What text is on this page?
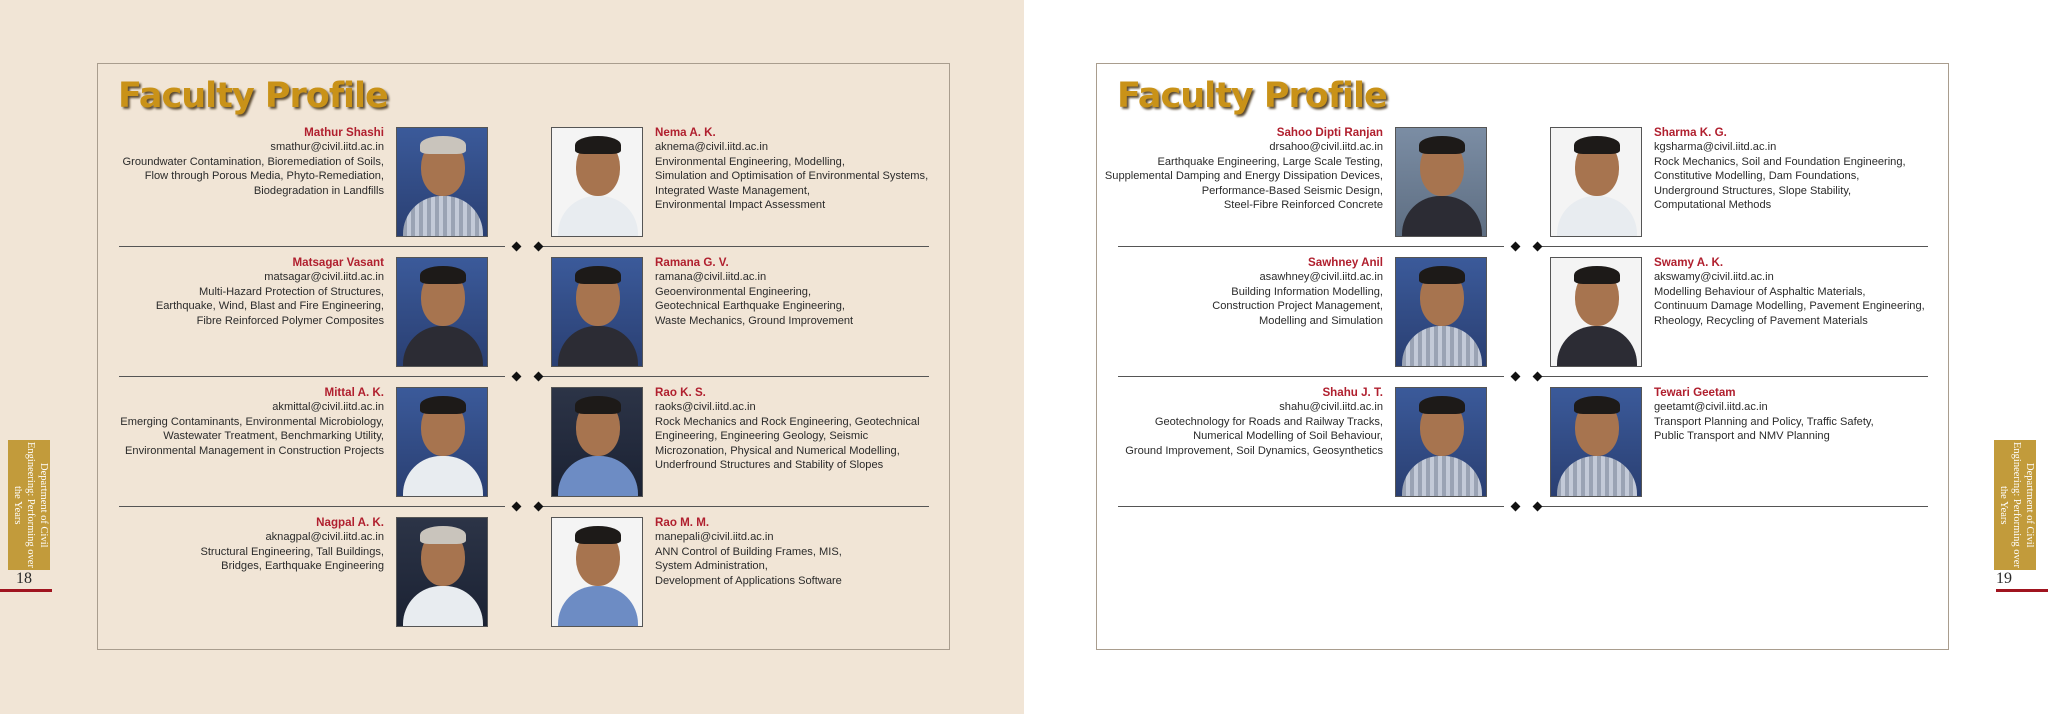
Faculty Profile
Mathur Shashi
smathur@civil.iitd.ac.in
Groundwater Contamination, Bioremediation of Soils,
Flow through Porous Media, Phyto-Remediation,
Biodegradation in Landfills
Nema A. K.
aknema@civil.iitd.ac.in
Environmental Engineering, Modelling,
Simulation and Optimisation of Environmental Systems,
Integrated Waste Management,
Environmental Impact Assessment
Matsagar Vasant
matsagar@civil.iitd.ac.in
Multi-Hazard Protection of Structures,
Earthquake, Wind, Blast and Fire Engineering,
Fibre Reinforced Polymer Composites
Ramana G. V.
ramana@civil.iitd.ac.in
Geoenvironmental Engineering,
Geotechnical Earthquake Engineering,
Waste Mechanics, Ground Improvement
Mittal A. K.
akmittal@civil.iitd.ac.in
Emerging Contaminants, Environmental Microbiology,
Wastewater Treatment, Benchmarking Utility,
Environmental Management in Construction Projects
Rao K. S.
raoks@civil.iitd.ac.in
Rock Mechanics and Rock Engineering, Geotechnical
Engineering, Engineering Geology, Seismic
Microzonation, Physical and Numerical Modelling,
Underfround Structures and Stability of Slopes
Nagpal A. K.
aknagpal@civil.iitd.ac.in
Structural Engineering, Tall Buildings,
Bridges, Earthquake Engineering
Rao M. M.
manepali@civil.iitd.ac.in
ANN Control of Building Frames, MIS,
System Administration,
Development of Applications Software
Department of Civil Engineering: Performing over the Years
18
Faculty Profile
Sahoo Dipti Ranjan
drsahoo@civil.iitd.ac.in
Earthquake Engineering, Large Scale Testing,
Supplemental Damping and Energy Dissipation Devices,
Performance-Based Seismic Design,
Steel-Fibre Reinforced Concrete
Sharma K. G.
kgsharma@civil.iitd.ac.in
Rock Mechanics, Soil and Foundation Engineering,
Constitutive Modelling, Dam Foundations,
Underground Structures, Slope Stability,
Computational Methods
Sawhney Anil
asawhney@civil.iitd.ac.in
Building Information Modelling,
Construction Project Management,
Modelling and Simulation
Swamy A. K.
akswamy@civil.iitd.ac.in
Modelling Behaviour of Asphaltic Materials,
Continuum Damage Modelling, Pavement Engineering,
Rheology, Recycling of Pavement Materials
Shahu J. T.
shahu@civil.iitd.ac.in
Geotechnology for Roads and Railway Tracks,
Numerical Modelling of Soil Behaviour,
Ground Improvement, Soil Dynamics, Geosynthetics
Tewari Geetam
geetamt@civil.iitd.ac.in
Transport Planning and Policy, Traffic Safety,
Public Transport and NMV Planning
Department of Civil Engineering: Performing over the Years
19
